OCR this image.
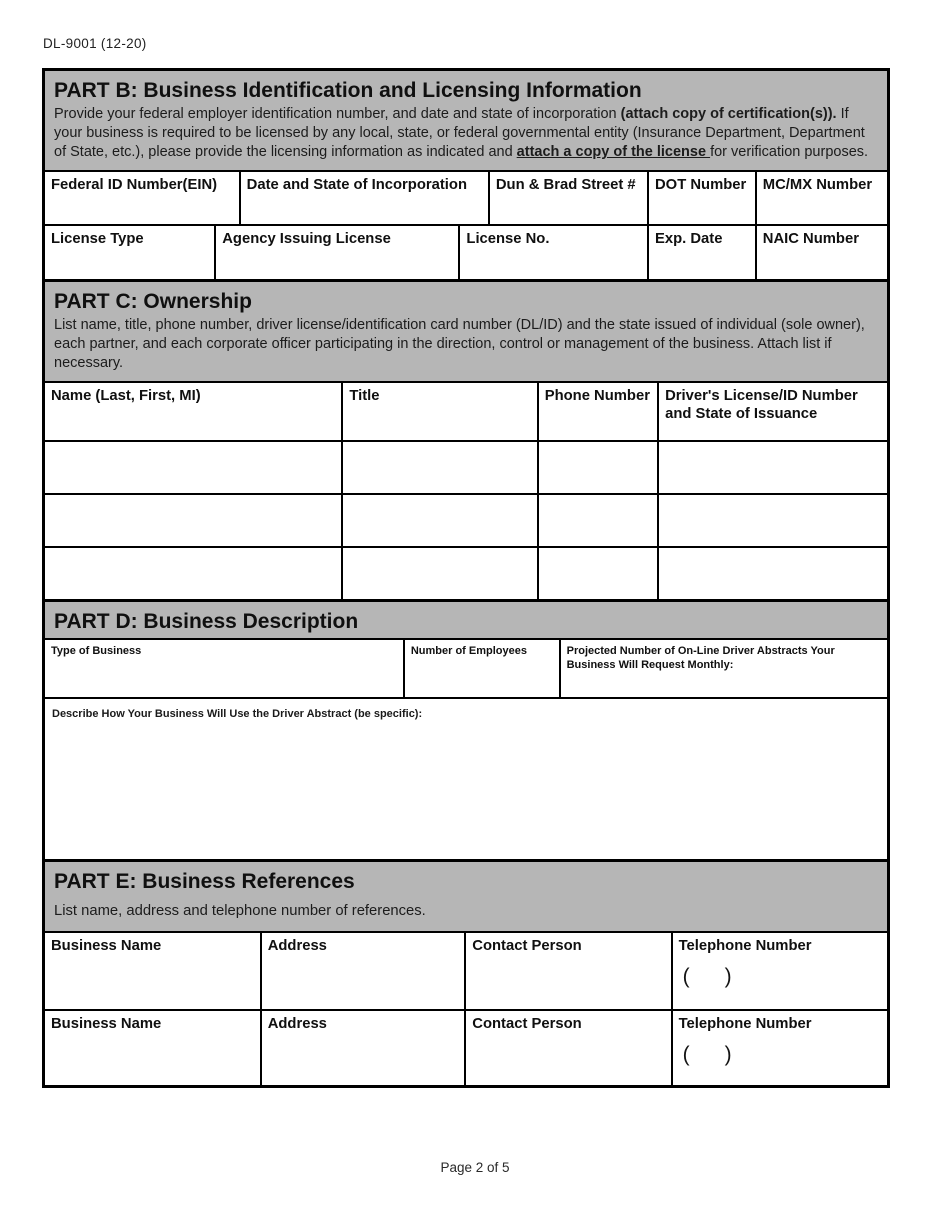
DL-9001 (12-20)
PART B: Business Identification and Licensing Information
Provide your federal employer identification number, and date and state of incorporation (attach copy of certification(s)). If your business is required to be licensed by any local, state, or federal governmental entity (Insurance Department, Department of State, etc.), please provide the licensing information as indicated and attach a copy of the license for verification purposes.
Federal ID Number(EIN)	Date and State of Incorporation	Dun & Brad Street #	DOT Number	MC/MX Number
License Type	Agency Issuing License	License No.	Exp. Date	NAIC Number
PART C: Ownership
List name, title, phone number, driver license/identification card number (DL/ID) and the state issued of individual (sole owner), each partner, and each corporate officer participating in the direction, control or management of the business. Attach list if necessary.
Name (Last, First, MI)	Title	Phone Number	Driver's License/ID Number and State of Issuance
PART D: Business Description
Type of Business	Number of Employees	Projected Number of On-Line Driver Abstracts Your Business Will Request Monthly:
Describe How Your Business Will Use the Driver Abstract (be specific):
PART E: Business References
List name, address and telephone number of references.
Business Name	Address	Contact Person	Telephone Number
(      )
Business Name	Address	Contact Person	Telephone Number
(      )
Page 2 of 5
